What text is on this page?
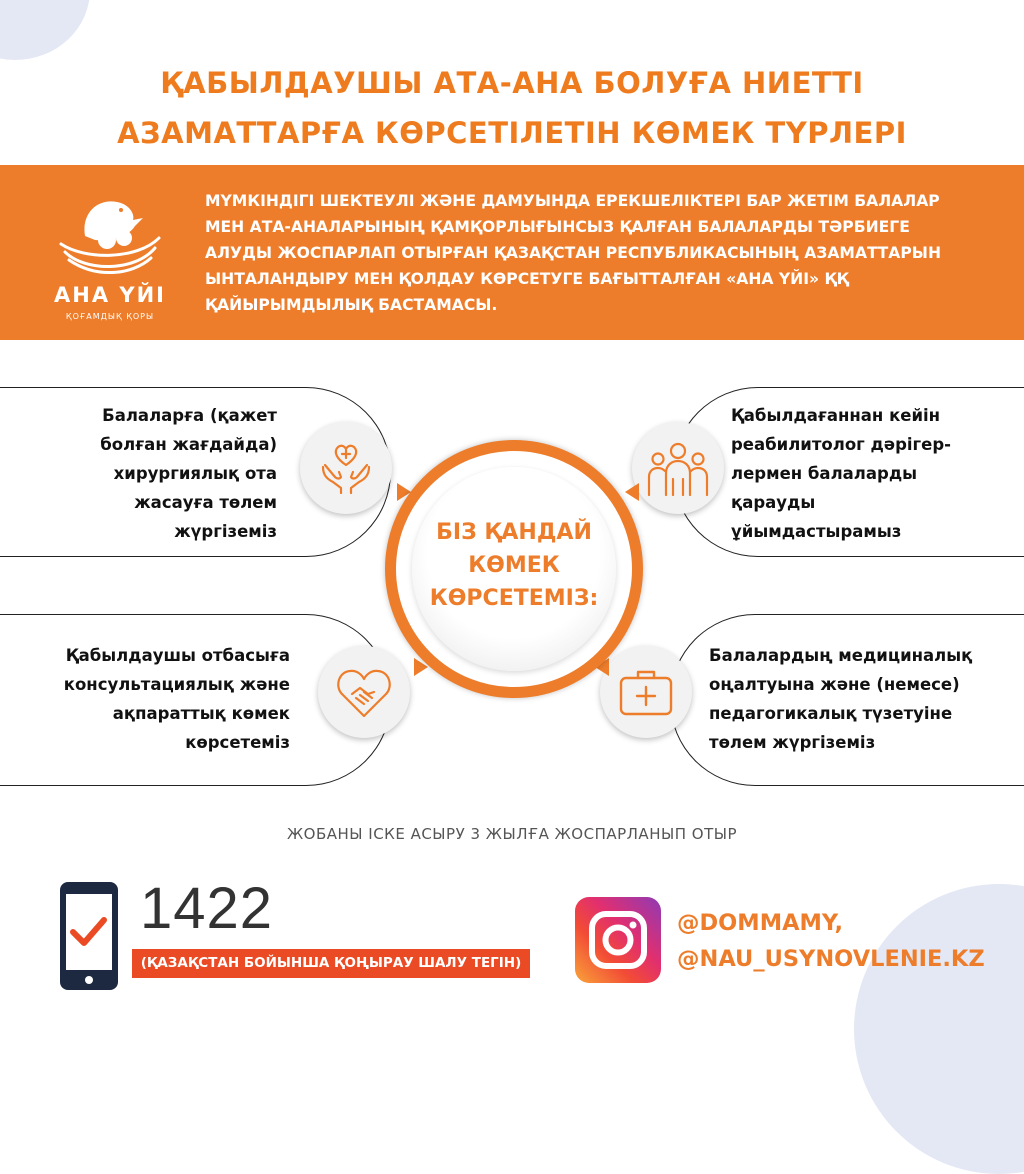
ҚАБЫЛДАУШЫ АТА-АНА БОЛУҒА НИЕТТІ
АЗАМАТТАРҒА КӨРСЕТІЛЕТІН КӨМЕК ТҮРЛЕРІ
АНА ҮЙІ
ҚОҒАМДЫҚ ҚОРЫ
МҮМКІНДІГІ ШЕКТЕУЛІ ЖӘНЕ ДАМУЫНДА ЕРЕКШЕЛІКТЕРІ БАР ЖЕТІМ БАЛАЛАР
МЕН АТА-АНАЛАРЫНЫҢ ҚАМҚОРЛЫҒЫНСЫЗ ҚАЛҒАН БАЛАЛАРДЫ ТӘРБИЕГЕ
АЛУДЫ ЖОСПАРЛАП ОТЫРҒАН ҚАЗАҚСТАН РЕСПУБЛИКАСЫНЫҢ АЗАМАТТАРЫН
ЫНТАЛАНДЫРУ МЕН ҚОЛДАУ КӨРСЕТУГЕ БАҒЫТТАЛҒАН «АНА ҮЙІ» ҚҚ
ҚАЙЫРЫМДЫЛЫҚ БАСТАМАСЫ.
Балаларға (қажет
болған жағдайда)
хирургиялық ота
жасауға төлем
жүргіземіз
Қабылдаушы отбасыға
консультациялық және
ақпараттық көмек
көрсетеміз
Қабылдағаннан кейін
реабилитолог дәрігер-
лермен балаларды
қарауды
ұйымдастырамыз
Балалардың медициналық
оңалтуына және (немесе)
педагогикалық түзетуіне
төлем жүргіземіз
БІЗ ҚАНДАЙ
КӨМЕК
КӨРСЕТЕМІЗ:
ЖОБАНЫ ІСКЕ АСЫРУ 3 ЖЫЛҒА ЖОСПАРЛАНЫП ОТЫР
1422
(ҚАЗАҚСТАН БОЙЫНША ҚОҢЫРАУ ШАЛУ ТЕГІН)
@DOMMAMY,
@NAU_USYNOVLENIE.KZ
